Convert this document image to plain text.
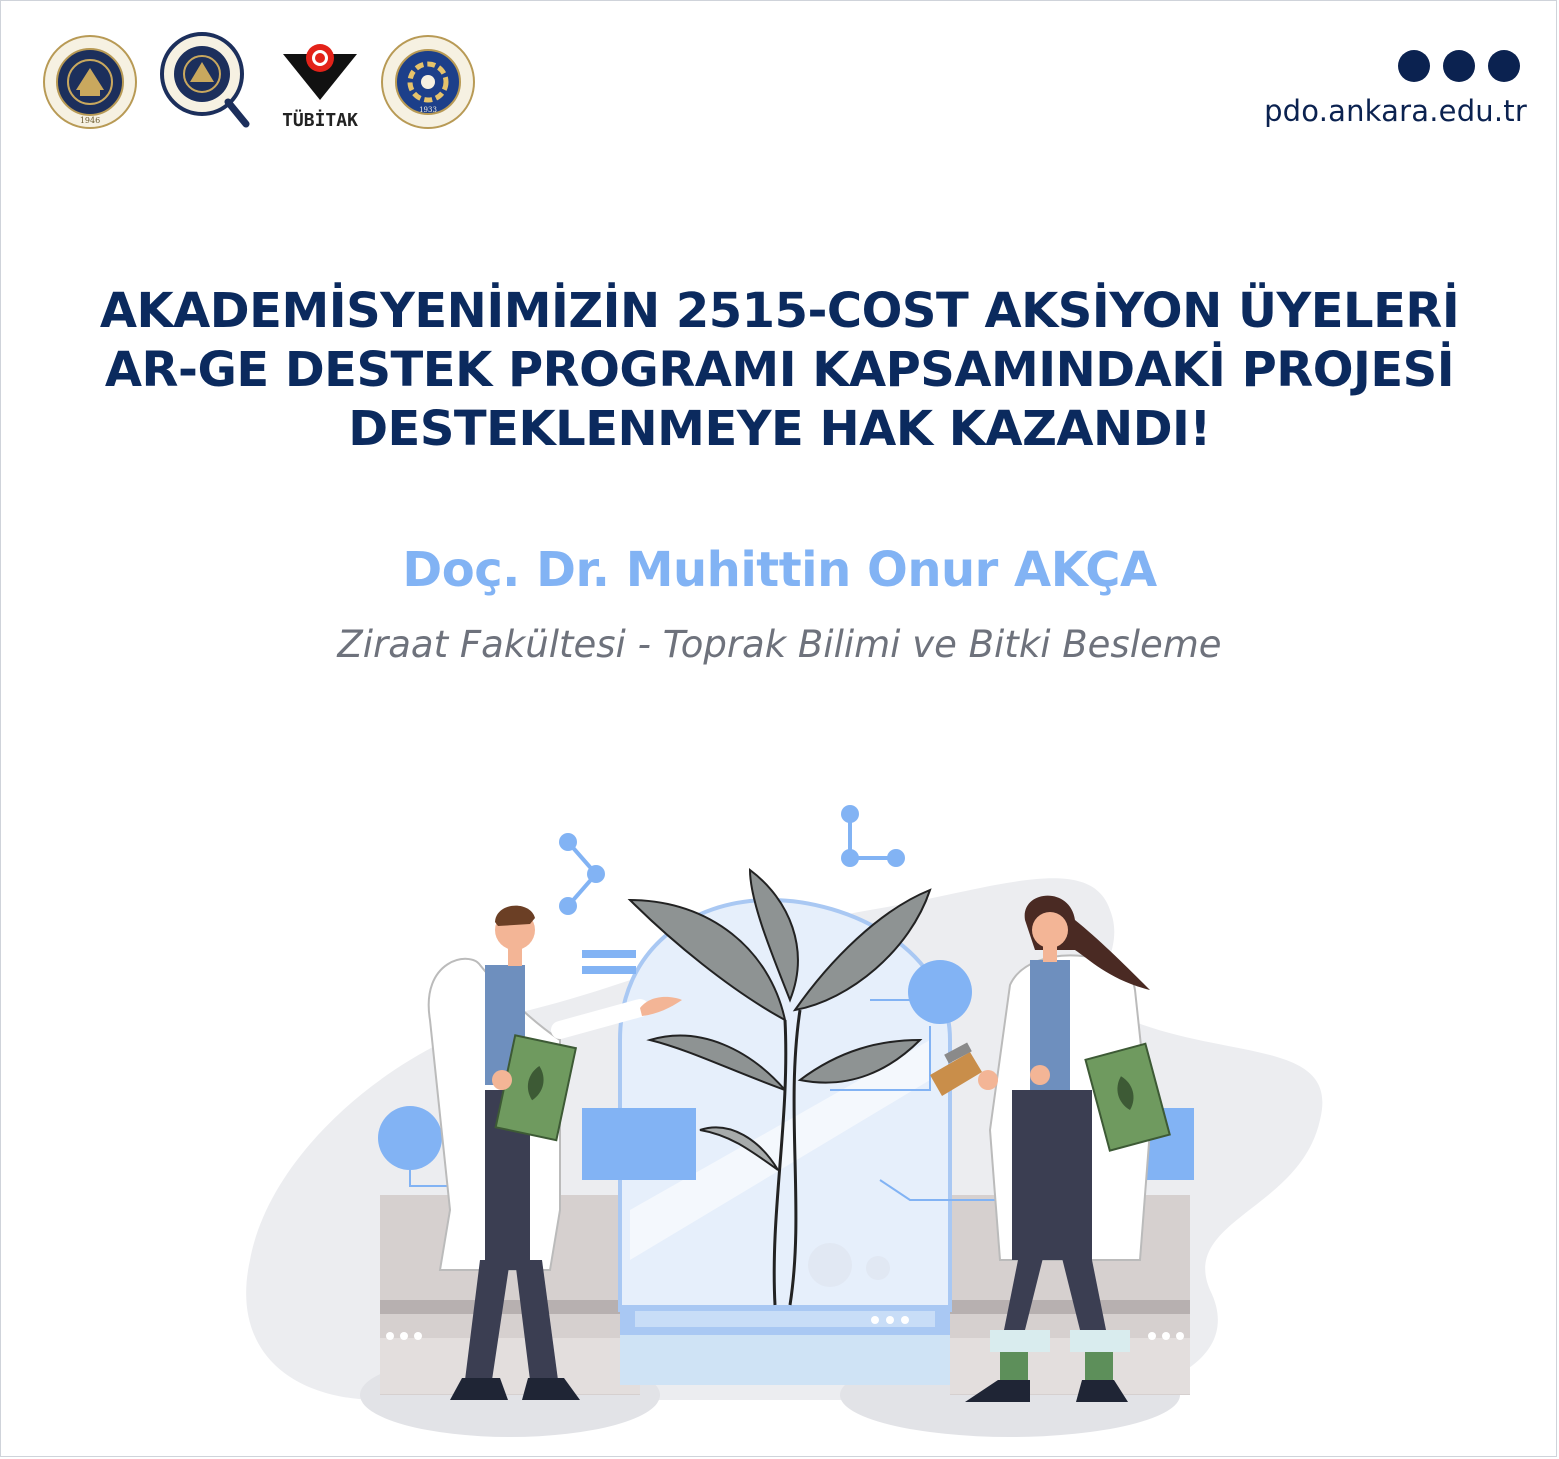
1946	TÜBİTAK	1933	pdo.ankara.edu.tr
AKADEMİSYENİMİZİN 2515-COST AKSİYON ÜYELERİ
AR-GE DESTEK PROGRAMI KAPSAMINDAKİ PROJESİ
DESTEKLENMEYE HAK KAZANDI!
Doç. Dr. Muhittin Onur AKÇA
Ziraat Fakültesi - Toprak Bilimi ve Bitki Besleme
